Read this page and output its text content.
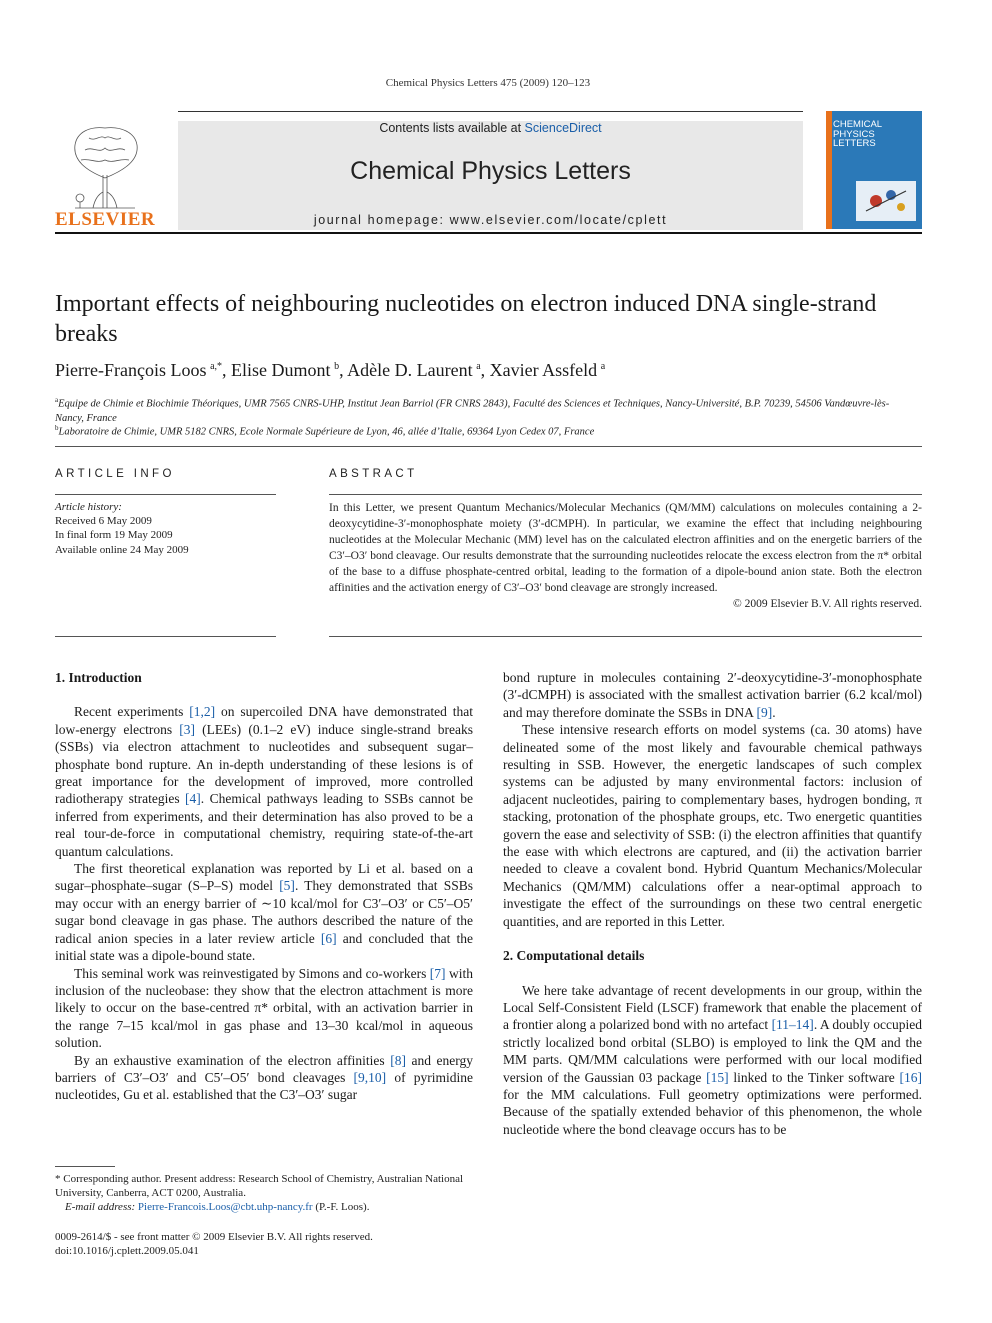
Chemical Physics Letters 475 (2009) 120–123
ELSEVIER
Contents lists available at ScienceDirect
Chemical Physics Letters
journal homepage: www.elsevier.com/locate/cplett
CHEMICAL PHYSICS LETTERS
Important effects of neighbouring nucleotides on electron induced DNA single-strand breaks
Pierre-François Loos  $^{a,*}$, Elise Dumont  $^b$, Adèle D. Laurent  $^a$, Xavier Assfeld  $^a$
$^a$Equipe de Chimie et Biochimie Théoriques, UMR 7565 CNRS-UHP, Institut Jean Barriol (FR CNRS 2843), Faculté des Sciences et Techniques, Nancy-Université, B.P. 70239, 54506 Vandœuvre-lès-Nancy, France
$^b$Laboratoire de Chimie, UMR 5182 CNRS, Ecole Normale Supérieure de Lyon, 46, allée d’Italie, 69364 Lyon Cedex 07, France
ARTICLE INFO
Article history:
Received 6 May 2009
In final form 19 May 2009
Available online 24 May 2009
ABSTRACT
In this Letter, we present Quantum Mechanics/Molecular Mechanics (QM/MM) calculations on molecules containing a 2-deoxycytidine-3′-monophosphate moiety (3′-dCMPH). In particular, we examine the effect that including neighbouring nucleotides at the Molecular Mechanic (MM) level has on the calculated electron affinities and on the energetic barriers of the C3′–O3′ bond cleavage. Our results demonstrate that the surrounding nucleotides relocate the excess electron from the π* orbital of the base to a diffuse phosphate-centred orbital, leading to the formation of a dipole-bound anion state. Both the electron affinities and the activation energy of C3′–O3′ bond cleavage are strongly increased.
© 2009 Elsevier B.V. All rights reserved.

1. Introduction

Recent experiments [1,2] on supercoiled DNA have demonstrated that low-energy electrons [3] (LEEs) (0.1–2 eV) induce single-strand breaks (SSBs) via electron attachment to nucleotides and subsequent sugar–phosphate bond rupture. An in-depth understanding of these lesions is of great importance for the development of improved, more controlled radiotherapy strategies [4]. Chemical pathways leading to SSBs cannot be inferred from experiments, and their determination has also proved to be a real tour-de-force in computational chemistry, requiring state-of-the-art quantum calculations.

The first theoretical explanation was reported by Li et al. based on a sugar–phosphate–sugar (S–P–S) model [5]. They demonstrated that SSBs may occur with an energy barrier of ∼10 kcal/mol for C3′–O3′ or C5′–O5′ sugar bond cleavage in gas phase. The authors described the nature of the radical anion species in a later review article [6] and concluded that the initial state was a dipole-bound state.

This seminal work was reinvestigated by Simons and co-workers [7] with inclusion of the nucleobase: they show that the electron attachment is more likely to occur on the base-centred π* orbital, with an activation barrier in the range 7–15 kcal/mol in gas phase and 13–30 kcal/mol in aqueous solution.

By an exhaustive examination of the electron affinities [8] and energy barriers of C3′–O3′ and C5′–O5′ bond cleavages [9,10] of pyrimidine nucleotides, Gu et al. established that the C3′–O3′ sugar

bond rupture in molecules containing 2′-deoxycytidine-3′-monophosphate (3′-dCMPH) is associated with the smallest activation barrier (6.2 kcal/mol) and may therefore dominate the SSBs in DNA [9].

These intensive research efforts on model systems (ca. 30 atoms) have delineated some of the most likely and favourable chemical pathways resulting in SSB. However, the energetic landscapes of such complex systems can be adjusted by many environmental factors: inclusion of adjacent nucleotides, pairing to complementary bases, hydrogen bonding, π stacking, protonation of the phosphate groups, etc. Two energetic quantities govern the ease and selectivity of SSB: (i) the electron affinities that quantify the ease with which electrons are captured, and (ii) the activation barrier needed to cleave a covalent bond. Hybrid Quantum Mechanics/Molecular Mechanics (QM/MM) calculations offer a near-optimal approach to investigate the effect of the surroundings on these two central energetic quantities, and are reported in this Letter.

2. Computational details

We here take advantage of recent developments in our group, within the Local Self-Consistent Field (LSCF) framework that enable the placement of a frontier along a polarized bond with no artefact [11–14]. A doubly occupied strictly localized bond orbital (SLBO) is employed to link the QM and the MM parts. QM/MM calculations were performed with our local modified version of the Gaussian 03 package [15] linked to the Tinker software [16] for the MM calculations. Full geometry optimizations were performed. Because of the spatially extended behavior of this phenomenon, the whole nucleotide where the bond cleavage occurs has to be

* Corresponding author. Present address: Research School of Chemistry, Australian National University, Canberra, ACT 0200, Australia.
E-mail address: Pierre-Francois.Loos@cbt.uhp-nancy.fr (P.-F. Loos).
0009-2614/$ - see front matter © 2009 Elsevier B.V. All rights reserved.
doi:10.1016/j.cplett.2009.05.041
